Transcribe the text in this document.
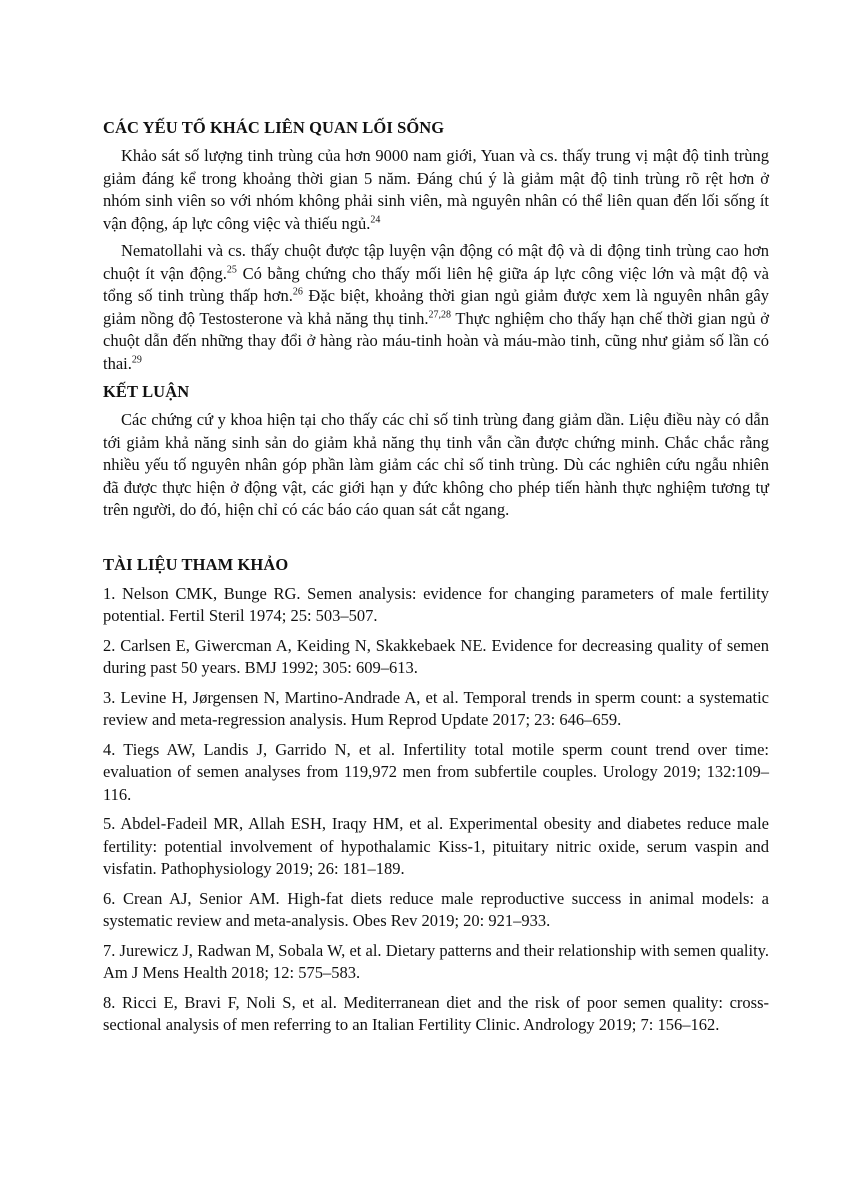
CÁC YẾU TỐ KHÁC LIÊN QUAN LỐI SỐNG

Khảo sát số lượng tinh trùng của hơn 9000 nam giới, Yuan và cs. thấy trung vị mật độ tinh trùng giảm đáng kể trong khoảng thời gian 5 năm. Đáng chú ý là giảm mật độ tinh trùng rõ rệt hơn ở nhóm sinh viên so với nhóm không phải sinh viên, mà nguyên nhân có thể liên quan đến lối sống ít vận động, áp lực công việc và thiếu ngủ.$^{24}$

Nematollahi và cs. thấy chuột được tập luyện vận động có mật độ và di động tinh trùng cao hơn chuột ít vận động.$^{25}$ Có bằng chứng cho thấy mối liên hệ giữa áp lực công việc lớn và mật độ và tổng số tinh trùng thấp hơn.$^{26}$ Đặc biệt, khoảng thời gian ngủ giảm được xem là nguyên nhân gây giảm nồng độ Testosterone và khả năng thụ tinh.$^{27,28}$ Thực nghiệm cho thấy hạn chế thời gian ngủ ở chuột dẫn đến những thay đổi ở hàng rào máu-tinh hoàn và máu-mào tinh, cũng như giảm số lần có thai.$^{29}$

KẾT LUẬN

Các chứng cứ y khoa hiện tại cho thấy các chỉ số tinh trùng đang giảm dần. Liệu điều này có dẫn tới giảm khả năng sinh sản do giảm khả năng thụ tinh vẫn cần được chứng minh. Chắc chắc rằng nhiều yếu tố nguyên nhân góp phần làm giảm các chỉ số tinh trùng. Dù các nghiên cứu ngẫu nhiên đã được thực hiện ở động vật, các giới hạn y đức không cho phép tiến hành thực nghiệm tương tự trên người, do đó, hiện chỉ có các báo cáo quan sát cắt ngang.

TÀI LIỆU THAM KHẢO

1. Nelson CMK, Bunge RG. Semen analysis: evidence for changing parameters of male fertility potential. Fertil Steril 1974; 25: 503–507.

2. Carlsen E, Giwercman A, Keiding N, Skakkebaek NE. Evidence for decreasing quality of semen during past 50 years. BMJ 1992; 305: 609–613.

3. Levine H, Jørgensen N, Martino-Andrade A, et al. Temporal trends in sperm count: a systematic review and meta-regression analysis. Hum Reprod Update 2017; 23: 646–659.

4. Tiegs AW, Landis J, Garrido N, et al. Infertility total motile sperm count trend over time: evaluation of semen analyses from 119,972 men from subfertile couples. Urology 2019; 132:109–116.

5. Abdel-Fadeil MR, Allah ESH, Iraqy HM, et al. Experimental obesity and diabetes reduce male fertility: potential involvement of hypothalamic Kiss-1, pituitary nitric oxide, serum vaspin and visfatin. Pathophysiology 2019; 26: 181–189.

6. Crean AJ, Senior AM. High-fat diets reduce male reproductive success in animal models: a systematic review and meta-analysis. Obes Rev 2019; 20: 921–933.

7. Jurewicz J, Radwan M, Sobala W, et al. Dietary patterns and their relationship with semen quality. Am J Mens Health 2018; 12: 575–583.

8. Ricci E, Bravi F, Noli S, et al. Mediterranean diet and the risk of poor semen quality: cross-sectional analysis of men referring to an Italian Fertility Clinic. Andrology 2019; 7: 156–162.
